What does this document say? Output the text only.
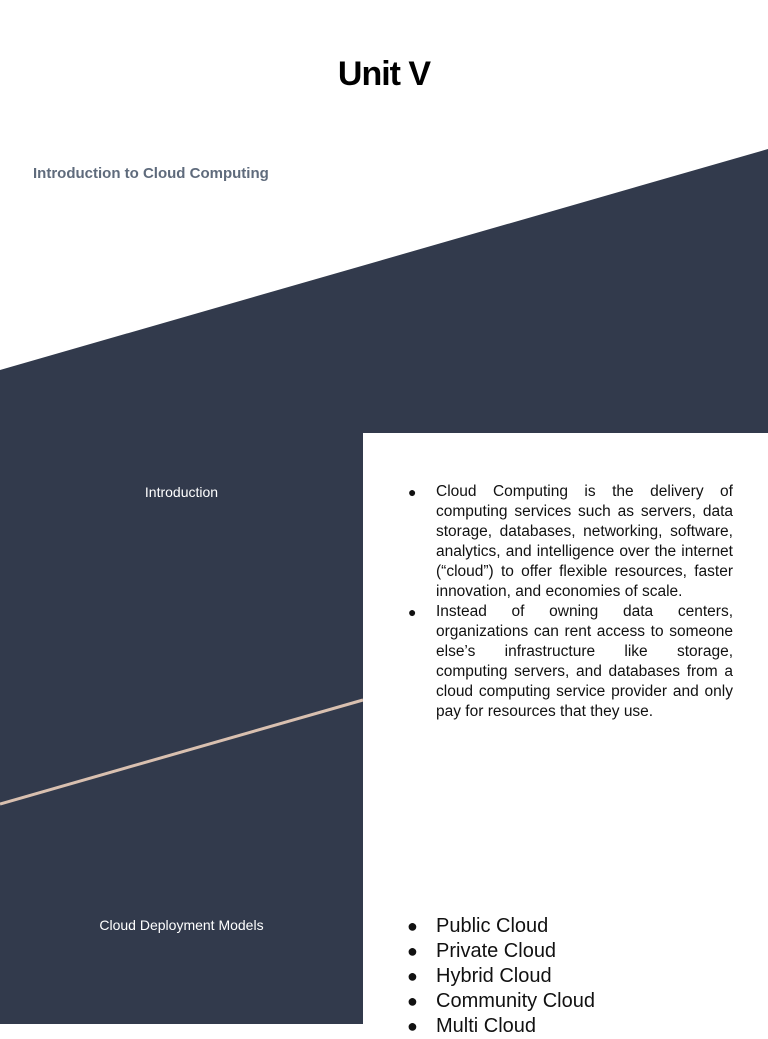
Unit V
Introduction to Cloud Computing
Introduction	● Cloud Computing is the delivery of computing services such as servers, data storage, databases, networking, software, analytics, and intelligence over the internet (“cloud”) to offer flexible resources, faster innovation, and economies of scale.
● Instead of owning data centers, organizations can rent access to someone else’s infrastructure like storage, computing servers, and databases from a cloud computing service provider and only pay for resources that they use.
Cloud Deployment Models	● Public Cloud
● Private Cloud
● Hybrid Cloud
● Community Cloud
● Multi Cloud
